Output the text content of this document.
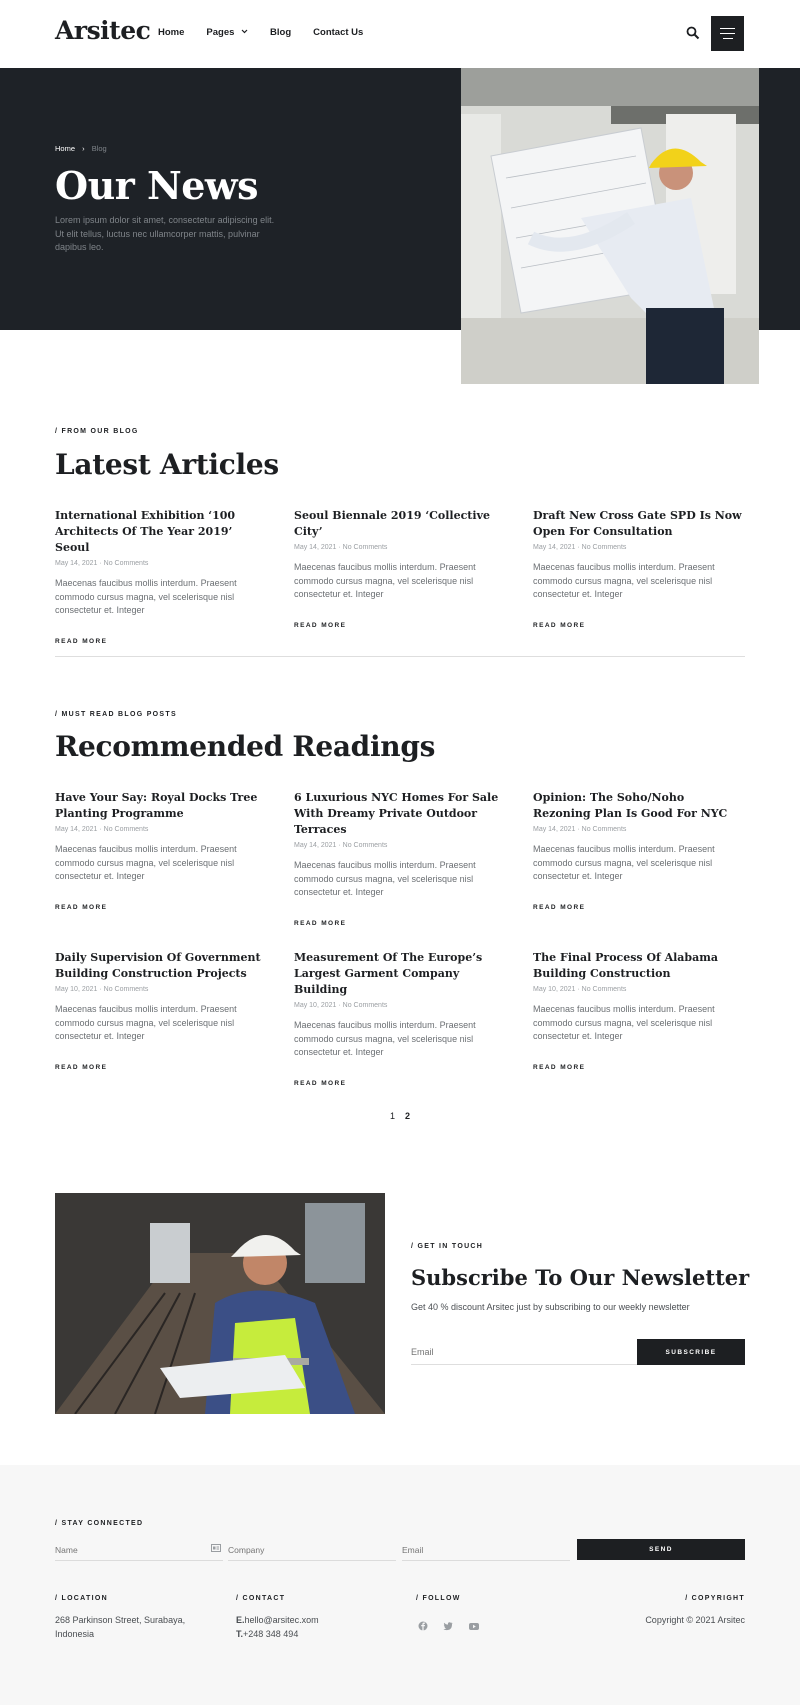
Arsitec Home Pages	Blog Contact Us
Home › Blog
Our News

Lorem ipsum dolor sit amet, consectetur adipiscing elit. Ut elit tellus, luctus nec ullamcorper mattis, pulvinar dapibus leo.

/ FROM OUR BLOG
Latest Articles
International Exhibition ‘100 Architects Of The Year 2019’ Seoul
May 14, 2021 · No Comments

Maecenas faucibus mollis interdum. Praesent commodo cursus magna, vel scelerisque nisl consectetur et. Integer

READ MORE
Seoul Biennale 2019 ‘Collective City’
May 14, 2021 · No Comments

Maecenas faucibus mollis interdum. Praesent commodo cursus magna, vel scelerisque nisl consectetur et. Integer

READ MORE
Draft New Cross Gate SPD Is Now Open For Consultation
May 14, 2021 · No Comments

Maecenas faucibus mollis interdum. Praesent commodo cursus magna, vel scelerisque nisl consectetur et. Integer

READ MORE
/ MUST READ BLOG POSTS
Recommended Readings
Have Your Say: Royal Docks Tree Planting Programme
May 14, 2021 · No Comments

Maecenas faucibus mollis interdum. Praesent commodo cursus magna, vel scelerisque nisl consectetur et. Integer

READ MORE
6 Luxurious NYC Homes For Sale With Dreamy Private Outdoor Terraces
May 14, 2021 · No Comments

Maecenas faucibus mollis interdum. Praesent commodo cursus magna, vel scelerisque nisl consectetur et. Integer

READ MORE
Opinion: The Soho/Noho Rezoning Plan Is Good For NYC
May 14, 2021 · No Comments

Maecenas faucibus mollis interdum. Praesent commodo cursus magna, vel scelerisque nisl consectetur et. Integer

READ MORE
Daily Supervision Of Government Building Construction Projects
May 10, 2021 · No Comments

Maecenas faucibus mollis interdum. Praesent commodo cursus magna, vel scelerisque nisl consectetur et. Integer

READ MORE
Measurement Of The Europe’s Largest Garment Company Building
May 10, 2021 · No Comments

Maecenas faucibus mollis interdum. Praesent commodo cursus magna, vel scelerisque nisl consectetur et. Integer

READ MORE
The Final Process Of Alabama Building Construction
May 10, 2021 · No Comments

Maecenas faucibus mollis interdum. Praesent commodo cursus magna, vel scelerisque nisl consectetur et. Integer

READ MORE
1 2
/ GET IN TOUCH
Subscribe To Our Newsletter
Get 40 % discount Arsitec just by subscribing to our weekly newsletter
Email
SUBSCRIBE
/ STAY CONNECTED
Name
Company
Email
SEND
/ LOCATION
268 Parkinson Street, Surabaya,
Indonesia
/ CONTACT
E.hello@arsitec.xom
T.+248 348 494
/ FOLLOW	/ COPYRIGHT
Copyright © 2021 Arsitec
